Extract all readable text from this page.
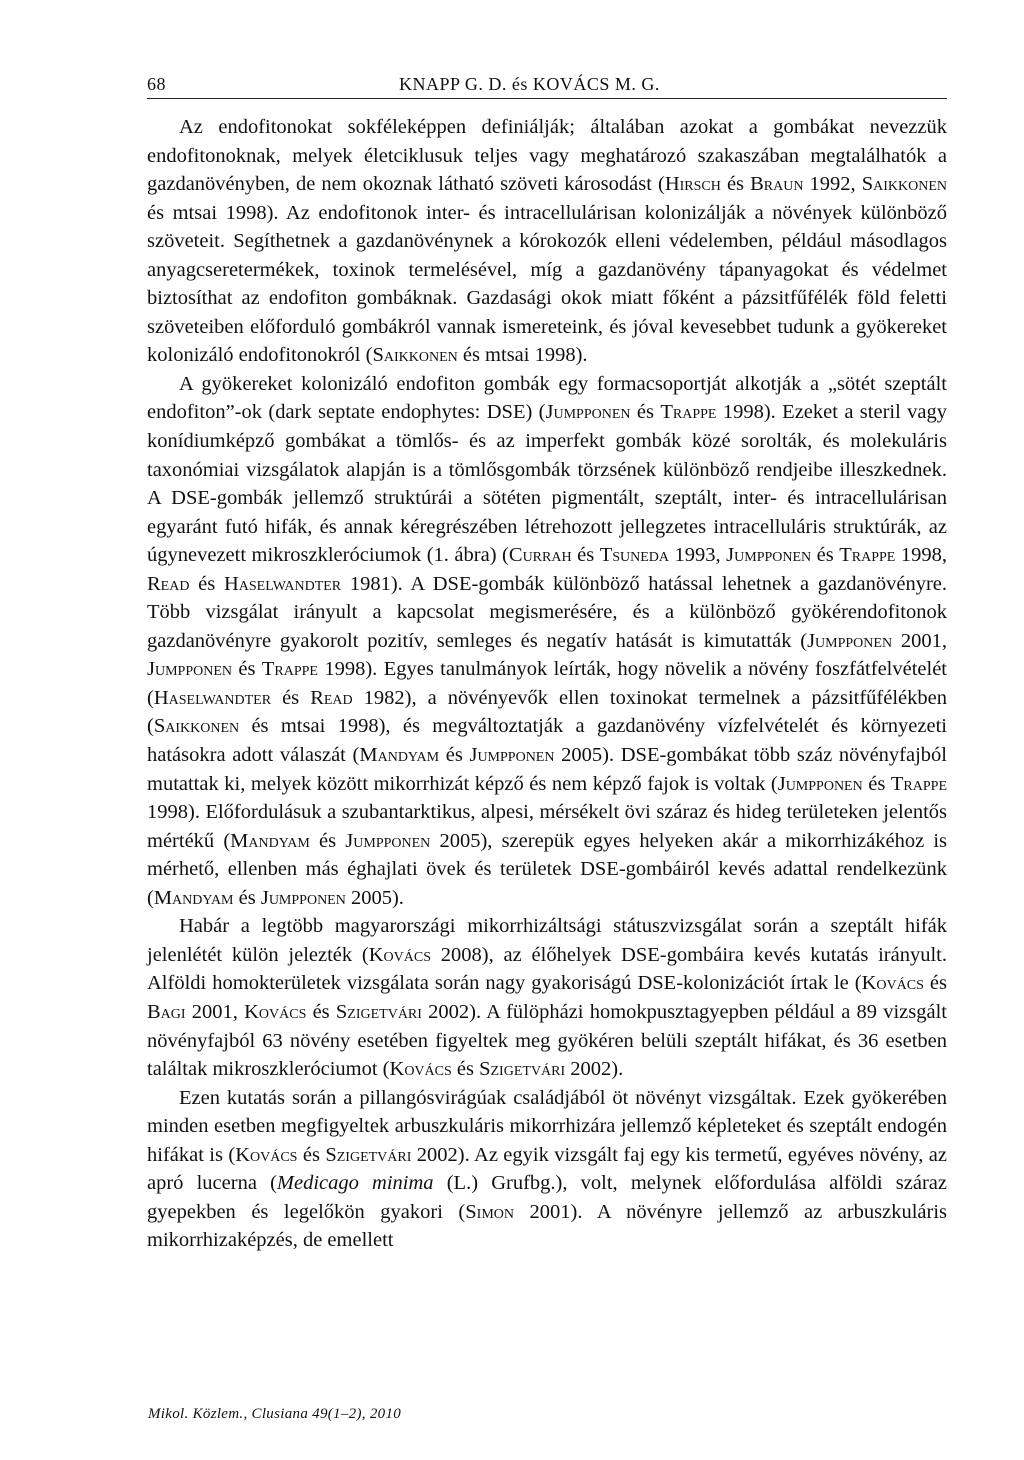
68	KNAPP G. D. és KOVÁCS M. G.

Az endofitonokat sokféleképpen definiálják; általában azokat a gombákat nevezzük endofitonoknak, melyek életciklusuk teljes vagy meghatározó szakaszában megtalálhatók a gazdanövényben, de nem okoznak látható szöveti károsodást (Hirsch és Braun 1992, Saikkonen és mtsai 1998). Az endofitonok inter- és intracellulárisan kolonizálják a növények különböző szöveteit. Segíthetnek a gazdanövénynek a kórokozók elleni védelemben, például másodlagos anyagcseretermékek, toxinok termelésével, míg a gazdanövény tápanyagokat és védelmet biztosíthat az endofiton gombáknak. Gazdasági okok miatt főként a pázsitfűfélék föld feletti szöveteiben előforduló gombákról vannak ismereteink, és jóval kevesebbet tudunk a gyökereket kolonizáló endofitonokról (Saikkonen és mtsai 1998).

A gyökereket kolonizáló endofiton gombák egy formacsoportját alkotják a „sötét szeptált endofiton”-ok (dark septate endophytes: DSE) (Jumpponen és Trappe 1998). Ezeket a steril vagy konídiumképző gombákat a tömlős- és az imperfekt gombák közé sorolták, és molekuláris taxonómiai vizsgálatok alapján is a tömlősgombák törzsének különböző rendjeibe illeszkednek. A DSE-gombák jellemző struktúrái a sötéten pigmentált, szeptált, inter- és intracellulárisan egyaránt futó hifák, és annak kéregrészében létrehozott jellegzetes intracelluláris struktúrák, az úgynevezett mikroszkleróciumok (1. ábra) (Currah és Tsuneda 1993, Jumpponen és Trappe 1998, Read és Haselwandter 1981). A DSE-gombák különböző hatással lehetnek a gazdanövényre. Több vizsgálat irányult a kapcsolat megismerésére, és a különböző gyökérendofitonok gazdanövényre gyakorolt pozitív, semleges és negatív hatását is kimutatták (Jumpponen 2001, Jumpponen és Trappe 1998). Egyes tanulmányok leírták, hogy növelik a növény foszfátfelvételét (Haselwandter és Read 1982), a növényevők ellen toxinokat termelnek a pázsitfűfélékben (Saikkonen és mtsai 1998), és megváltoztatják a gazdanövény vízfelvételét és környezeti hatásokra adott válaszát (Mandyam és Jumpponen 2005). DSE-gombákat több száz növényfajból mutattak ki, melyek között mikorrhizát képző és nem képző fajok is voltak (Jumpponen és Trappe 1998). Előfordulásuk a szubantarktikus, alpesi, mérsékelt övi száraz és hideg területeken jelentős mértékű (Mandyam és Jumpponen 2005), szerepük egyes helyeken akár a mikorrhizákéhoz is mérhető, ellenben más éghajlati övek és területek DSE-gombáiról kevés adattal rendelkezünk (Mandyam és Jumpponen 2005).

Habár a legtöbb magyarországi mikorrhizáltsági státuszvizsgálat során a szeptált hifák jelenlétét külön jelezték (Kovács 2008), az élőhelyek DSE-gombáira kevés kutatás irányult. Alföldi homokterületek vizsgálata során nagy gyakoriságú DSE-kolonizációt írtak le (Kovács és Bagi 2001, Kovács és Szigetvári 2002). A fülöpházi homokpusztagyepben például a 89 vizsgált növényfajból 63 növény esetében figyeltek meg gyökéren belüli szeptált hifákat, és 36 esetben találtak mikroszkleróciumot (Kovács és Szigetvári 2002).

Ezen kutatás során a pillangósvirágúak családjából öt növényt vizsgáltak. Ezek gyökerében minden esetben megfigyeltek arbuszkuláris mikorrhizára jellemző képleteket és szeptált endogén hifákat is (Kovács és Szigetvári 2002). Az egyik vizsgált faj egy kis termetű, egyéves növény, az apró lucerna (Medicago minima (L.) Grufbg.), volt, melynek előfordulása alföldi száraz gyepekben és legelőkön gyakori (Simon 2001). A növényre jellemző az arbuszkuláris mikorrhizaképzés, de emellett

Mikol. Közlem., Clusiana 49(1–2), 2010
